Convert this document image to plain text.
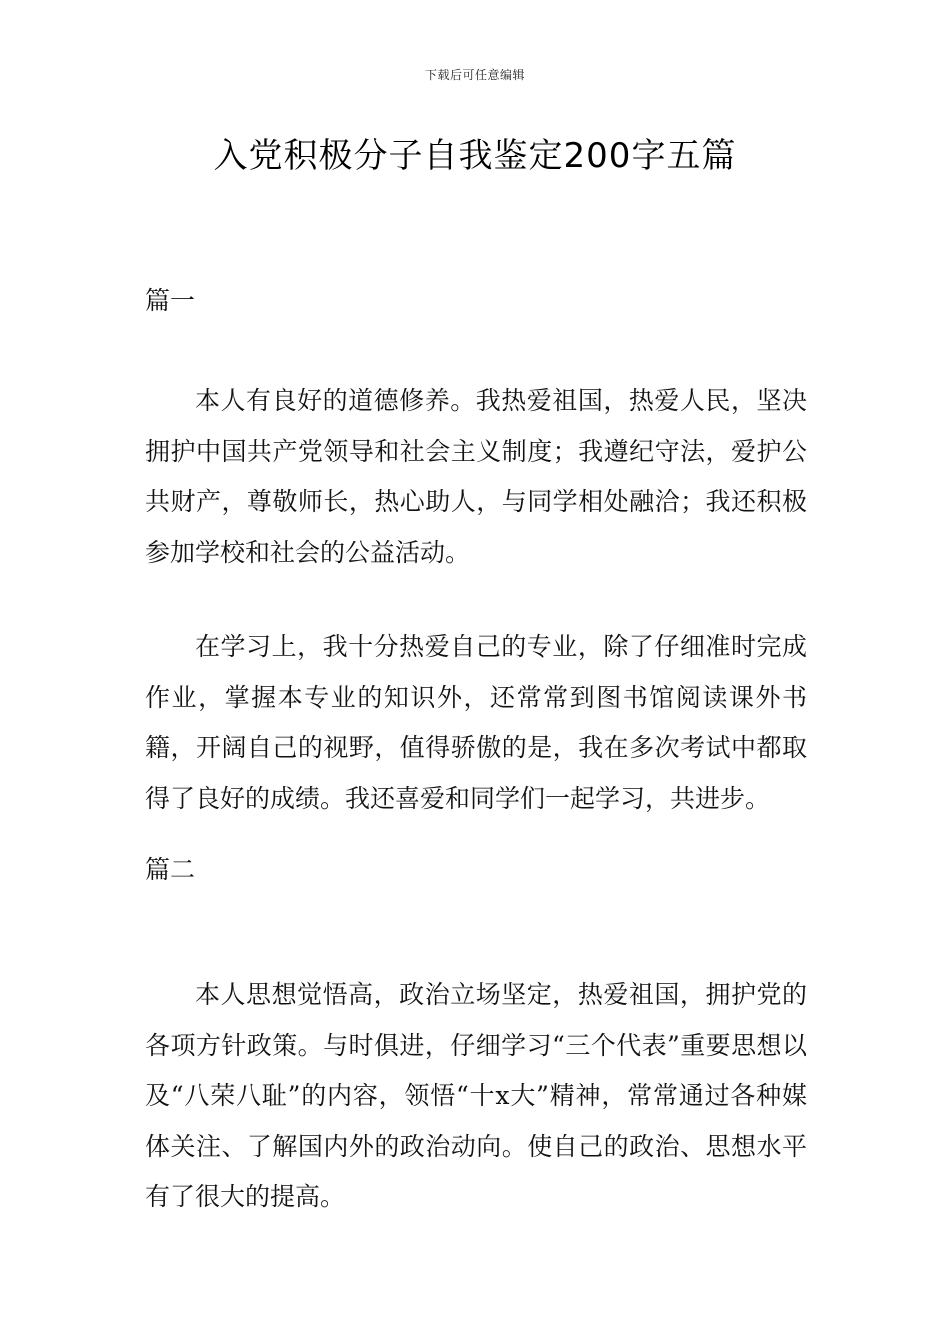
下载后可任意编辑
入党积极分子自我鉴定200字五篇
篇一

本人有良好的道德修养。我热爱祖国，热爱人民，坚决拥护中国共产党领导和社会主义制度；我遵纪守法，爱护公共财产，尊敬师长，热心助人，与同学相处融洽；我还积极参加学校和社会的公益活动。

在学习上，我十分热爱自己的专业，除了仔细准时完成作业，掌握本专业的知识外，还常常到图书馆阅读课外书籍，开阔自己的视野，值得骄傲的是，我在多次考试中都取得了良好的成绩。我还喜爱和同学们一起学习，共进步。

篇二

本人思想觉悟高，政治立场坚定，热爱祖国，拥护党的各项方针政策。与时俱进，仔细学习“三个代表”重要思想以及“八荣八耻”的内容，领悟“十x大”精神，常常通过各种媒体关注、了解国内外的政治动向。使自己的政治、思想水平有了很大的提高。
